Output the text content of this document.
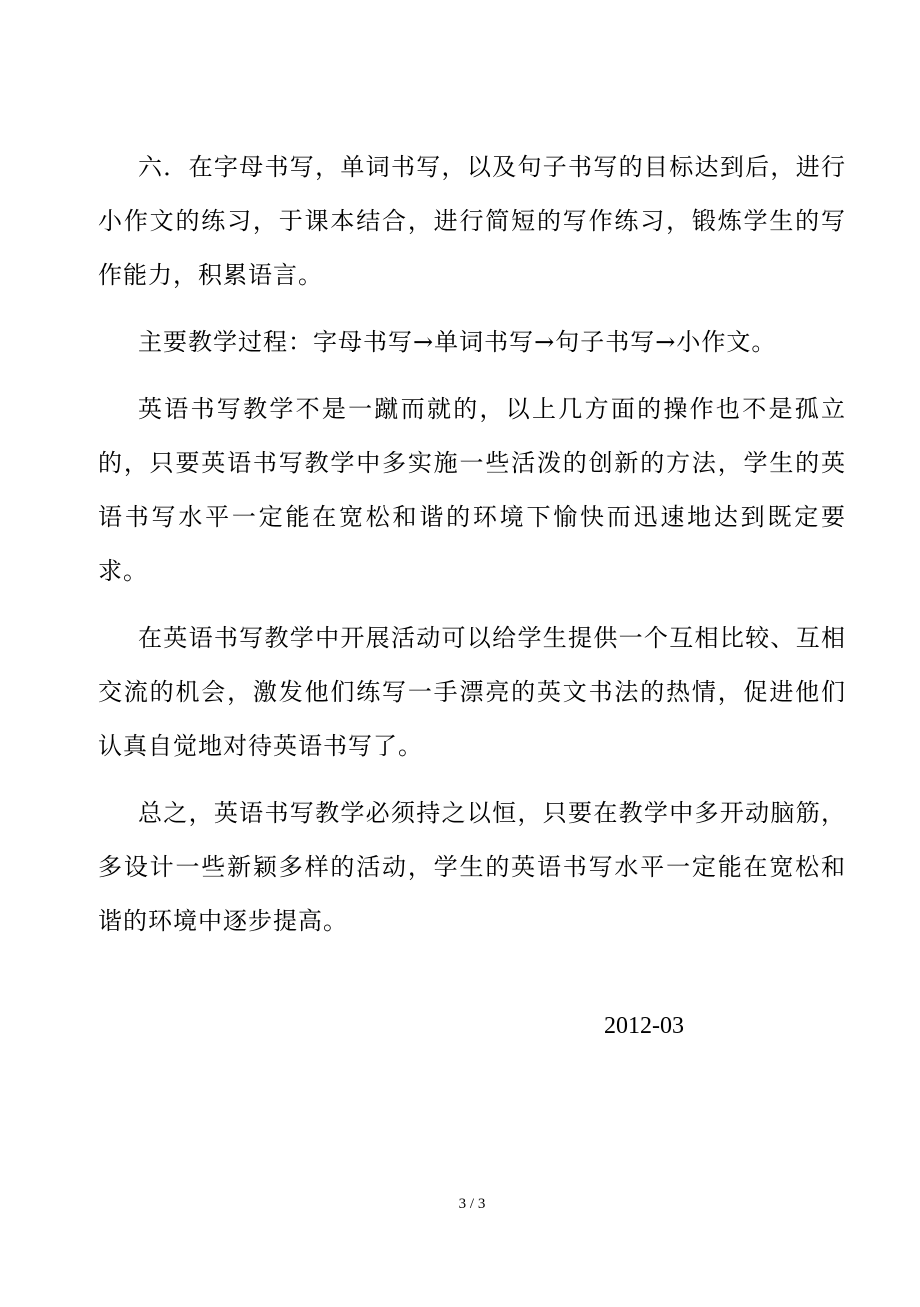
六．在字母书写，单词书写，以及句子书写的目标达到后，进行小作文的练习，于课本结合，进行简短的写作练习，锻炼学生的写作能力，积累语言。

主要教学过程：字母书写→单词书写→句子书写→小作文。

英语书写教学不是一蹴而就的，以上几方面的操作也不是孤立的，只要英语书写教学中多实施一些活泼的创新的方法，学生的英语书写水平一定能在宽松和谐的环境下愉快而迅速地达到既定要求。

在英语书写教学中开展活动可以给学生提供一个互相比较、互相交流的机会，激发他们练写一手漂亮的英文书法的热情，促进他们认真自觉地对待英语书写了。

总之，英语书写教学必须持之以恒，只要在教学中多开动脑筋，多设计一些新颖多样的活动，学生的英语书写水平一定能在宽松和谐的环境中逐步提高。

2012-03
3 / 3
